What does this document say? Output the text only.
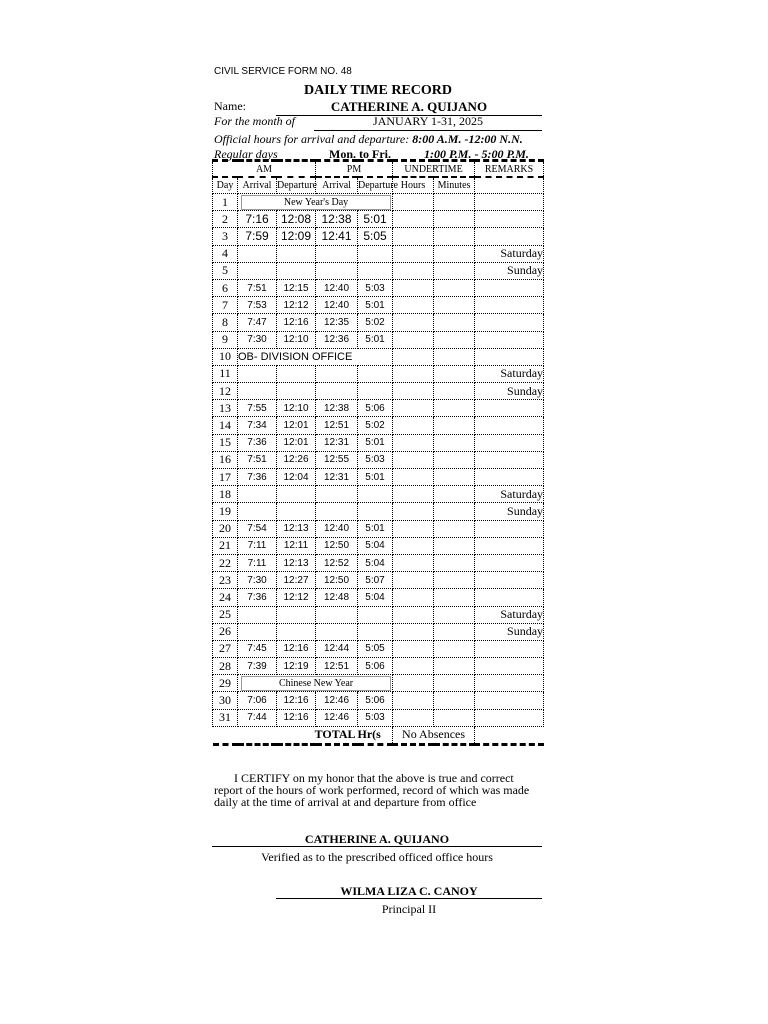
CIVIL SERVICE FORM NO. 48
DAILY TIME RECORD
Name:	CATHERINE A. QUIJANO
For the month of	JANUARY 1-31, 2025
Official hours for arrival and departure: 8:00 A.M. -12:00 N.N.
Regular days	Mon. to Fri.	1:00 P.M. - 5:00 P.M.
AM			PM		UNDERTIME		REMARKS
Day	Arrival	Departure	Arrival	Departure	Hours	Minutes	
1	New Year's Day						

2	7:16	12:08	12:38	5:01			
3	7:59	12:09	12:41	5:05			
4							Saturday
5							Sunday
6	7:51	12:15	12:40	5:03			
7	7:53	12:12	12:40	5:01			
8	7:47	12:16	12:35	5:02			
9	7:30	12:10	12:36	5:01			
10	OB- DIVISION OFFICE						
11							Saturday
12							Sunday
13	7:55	12:10	12:38	5:06			
14	7:34	12:01	12:51	5:02			
15	7:36	12:01	12:31	5:01			
16	7:51	12:26	12:55	5:03			
17	7:36	12:04	12:31	5:01			
18							Saturday
19							Sunday
20	7:54	12:13	12:40	5:01			
21	7:11	12:11	12:50	5:04			
22	7:11	12:13	12:52	5:04			
23	7:30	12:27	12:50	5:07			
24	7:36	12:12	12:48	5:04			
25							Saturday
26							Sunday
27	7:45	12:16	12:44	5:05			
28	7:39	12:19	12:51	5:06			
29	Chinese New Year						

30	7:06	12:16	12:46	5:06			
31	7:44	12:16	12:46	5:03			
TOTAL				Hr(s	No Absences		
I CERTIFY on my honor that the above is true and correct report of the hours of work performed, record of which was made daily at the time of arrival at and departure from office
CATHERINE A. QUIJANO
Verified as to the prescribed officed office hours
WILMA LIZA C. CANOY
Principal II
